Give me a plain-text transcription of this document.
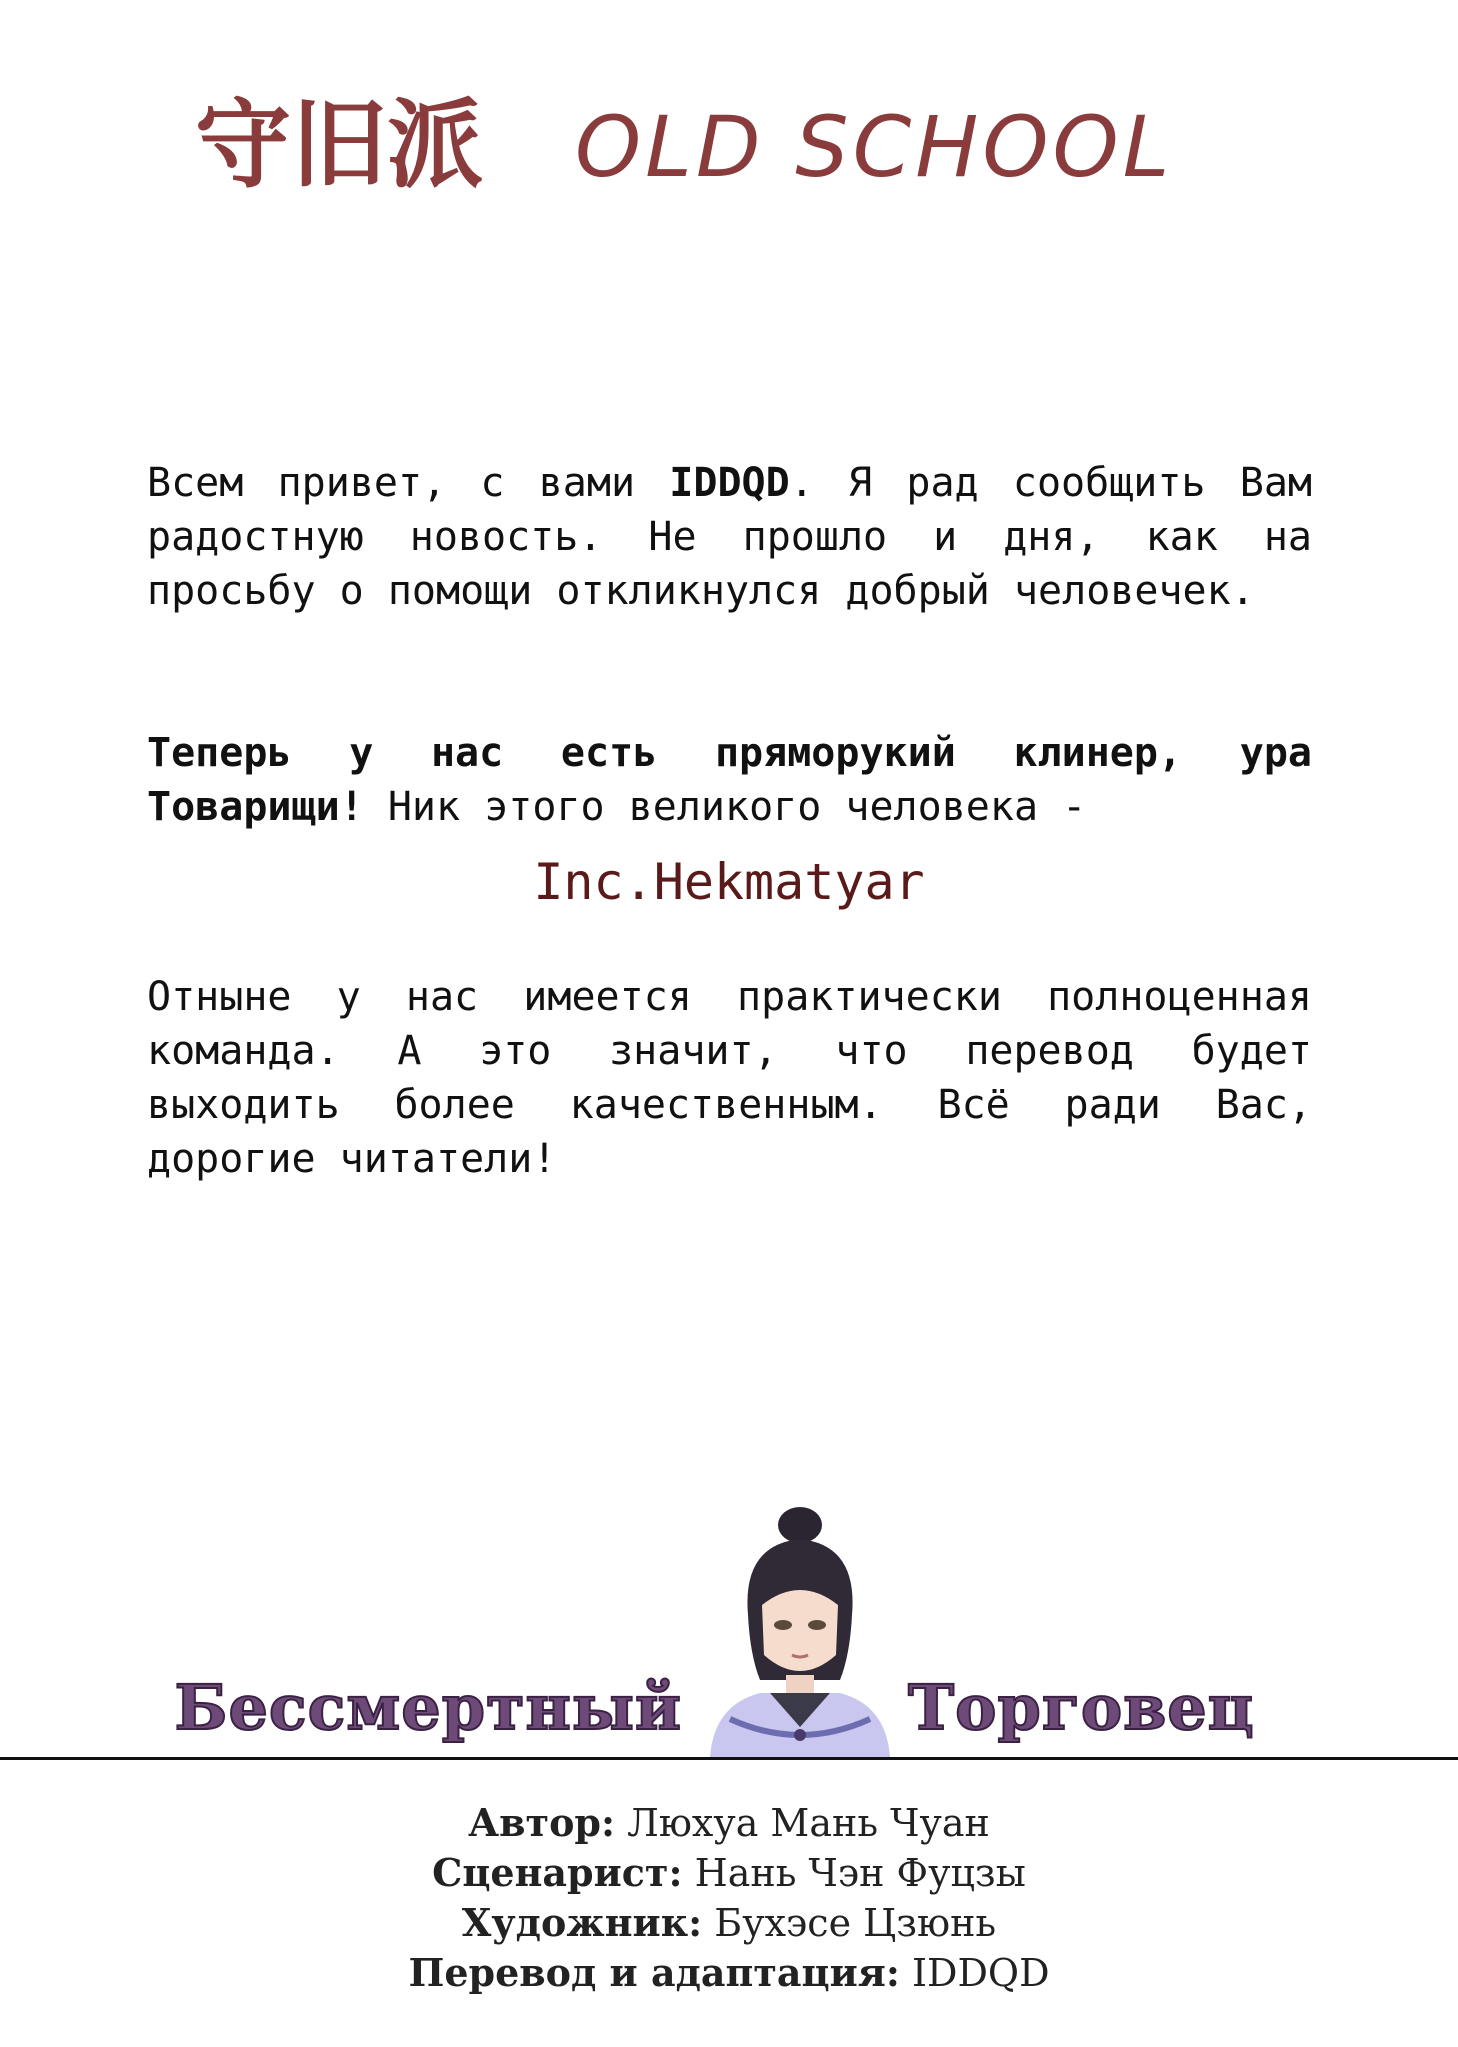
守旧派 OLD SCHOOL

Всем привет, с вами IDDQD. Я рад сообщить Вам радостную новость. Не прошло и дня, как на просьбу о помощи откликнулся добрый человечек.

Теперь у нас есть пряморукий клинер, ура Товарищи! Ник этого великого человека -

Inc.Hekmatyar

Отныне у нас имеется практически полноценная команда. А это значит, что перевод будет выходить более качественным. Всё ради Вас, дорогие читатели!

Бессмертный	Торговец
Автор: Люхуа Мань Чуан
Сценарист: Нань Чэн Фуцзы
Художник: Бухэсе Цзюнь
Перевод и адаптация: IDDQD
